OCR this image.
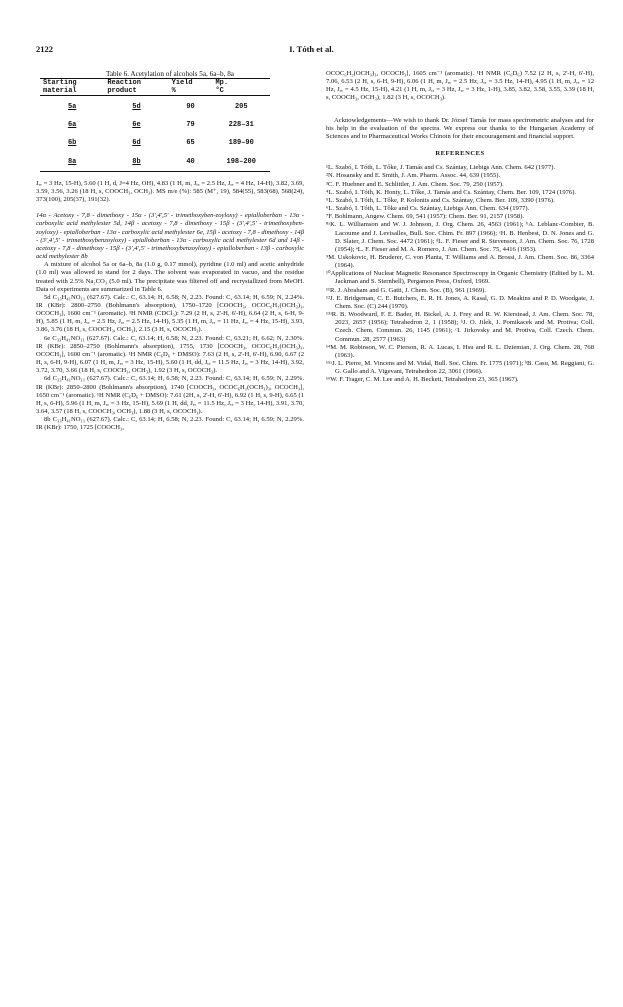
2122	I. Tóth et al.

Table 6. Acetylation of alcohols 5a, 6a–b, 8a

Starting	Reaction	Yield	Mp.
material	product	%	°C
5a	5d	90	205
6a	6e	79	228–31
6b	6d	65	189–90
8a	8b	40	198–200

Jₑₑ = 3 Hz, 15-H), 5.60 (1 H, d, J=4 Hz, OH), 4.83 (1 H, m, Jₑₑ = 2.5 Hz, Jₑₑ = 4 Hz, 14-H), 3.82, 3.69, 3.59, 3.56, 3.26 (18 H, s, COOCH₃, OCH₃). MS m/e (%): 585 (M⁺, 19), 584(55), 583(68), 568(24), 373(100), 205(37), 191(32).

14α - Acetoxy - 7,8 - dimethoxy - 15α - (3',4',5' - trimethoxyben-zoyloxy) - epiallo​berban - 13α - carboxylic acid methylester 5d, 14β - acetoxy - 7,8 - dimethoxy - 15β - (3',4',5' - trimethoxyben-zoyloxy) - epialloberban - 13α - carboxylic acid methylester 6e, 15β - acetoxy - 7,8 - dimethoxy - 14β - (3',4',5' - trimethoxybenzoyloxy) - epialloberban - 13α - carboxylic acid methylester 6d and 14β - acetoxy - 7,8 - dimethoxy - 15β - (3',4',5' - trimethoxybenzoyloxy) - epialloberban - 13β - carboxylic acid methylester 8b

A mixture of alcohol 5a or 6a–b, 8a (1.0 g, 0.17 mmol), pyridine (1.0 ml) and acetic anhydride (1.0 ml) was allowed to stand for 2 days. The solvent was evaporated in vacuo, and the residue treated with 2.5% Na₂CO₃ (5.0 ml). The precipitate was filtered off and recrystallized from MeOH. Data of experiments are summarized in Table 6.

5d C₃₃H₄₁NO₁₁ (627.67). Calc.: C, 63.14; H, 6.58; N, 2.23. Found: C, 63.14; H, 6.59; N, 2.24%. IR (KBr): 2800–2750 (Bohlmann's absorption), 1750–1720 [COOCH₃, OCOC₆H₂(OCH₃)₃, OCOCH₃], 1600 cm⁻¹ (aromatic). ¹H NMR (CDCl₃): 7.29 (2 H, s, 2'-H, 6'-H), 6.64 (2 H, s, 6-H, 9-H), 5.85 (1 H, m, Jₑₑ = 2.5 Hz, Jₑₑ = 2.5 Hz, 14-H), 5.35 (1 H, m, Jₑₑ = 11 Hz, Jₑₑ = 4 Hz, 15-H), 3.93, 3.86, 3.76 (18 H, s, COOCH₃, OCH₃), 2.15 (3 H, s, OCOCH₃).

6e C₃₃H₄₁NO₁₁ (627.67). Calc.: C, 63.14; H, 6.58; N, 2.23. Found: C, 63.21; H, 6.62; N, 2.30%. IR (KBr): 2850–2750 (Bohlmann's absorption), 1755, 1730 [COOCH₃, OCOC₆H₂(OCH₃)₃, OCOCH₃], 1600 cm⁻¹ (aromatic). ¹H NMR (C₆D₆ + DMSO): 7.63 (2 H, s, 2'-H, 6'-H), 6.90, 6.67 (2 H, s, 6-H, 9-H), 6.07 (1 H, m, Jₑₑ = 3 Hz, 15-H), 5.60 (1 H, dd, Jₑₑ = 11.5 Hz, Jₑₑ = 3 Hz, 14-H), 3.92, 3.72, 3.70, 3.66 (18 H, s, COOCH₃, OCH₃), 1.92 (3 H, s, OCOCH₃).

6d C₃₃H₄₁NO₁₁ (627.67). Calc.: C, 63.14; H, 6.58; N, 2.23. Found: C, 63.14; H, 6.59; N, 2.29%. IR (KBr): 2850–2800 (Bohlmann's absorption), 1740 [COOCH₃, OCOC₆H₂(OCH₃)₃, OCOCH₃], 1650 cm⁻¹ (aromatic). ¹H NMR (C₆D₆ + DMSO): 7.61 (2H, s, 2'-H, 6'-H), 6.92 (1 H, s, 9-H), 6.65 (1 H, s, 6-H), 5.96 (1 H, m, Jₑₑ = 3 Hz, 15-H), 5.69 (1 H, dd, Jₑₑ = 11.5 Hz, Jₑₑ = 3 Hz, 14-H), 3.91, 3.70, 3.64, 3.57 (18 H, s, COOCH₃, OCH₃), 1.88 (3 H, s, OCOCH₃).

8b C₃₃H₄₁NO₁₁ (627.67). Calc.: C, 63.14; H, 6.58; N, 2.23. Found: C, 63.14; H, 6.59; N, 2.29%. IR (KBr): 1750, 1725 [COOCH₃,

OCOC₆H₂(OCH₃)₃, OCOCH₃], 1605 cm⁻¹ (aromatic). ¹H NMR (C₆D₆) 7.52 (2 H, s, 2'-H, 6'-H), 7.06, 6.53 (2 H, s, 6-H, 9-H), 6.06 (1 H, m, Jₑₑ = 2.5 Hz, Jₑₑ = 3.5 Hz, 14-H), 4.95 (1 H, m, Jₑₑ = 12 Hz, Jₑₑ = 4.5 Hz, 15-H), 4.21 (1 H, m, Jₑₑ = 3 Hz, Jₑₑ = 3 Hz, 1-H), 3.85, 3.82, 3.58, 3.55, 3.39 (18 H, s, COOCH₃, OCH₃), 1.82 (3 H, s, OCOCH₃).

Acknowledgements—We wish to thank Dr. József Tamás for mass spectrometric analyses and for his help in the evaluation of the spectra. We express our thanks to the Hungarian Academy of Sciences and to Pharmaceutical Works Chinoin for their encouragement and financial support.

REFERENCES

¹L. Szabó, I. Tóth, L. Tőke, J. Tamás and Cs. Szántay, Liebigs Ann. Chem. 642 (1977).

²N. Hosansky and E. Smith, J. Am. Pharm. Assoc. 44, 639 (1955).

³C. F. Huebner and E. Schlittler, J. Am. Chem. Soc. 79, 250 (1957).

⁴L. Szabó, I. Tóth, K. Honty, L. Tőke, J. Tamás and Cs. Szántay, Chem. Ber. 109, 1724 (1976).

⁵L. Szabó, I. Tóth, L. Tőke, P. Kolonits and Cs. Szántay, Chem. Ber. 109, 3390 (1976).

⁶L. Szabó, I. Tóth, L. Tőke and Cs. Szántay, Liebigs Ann. Chem. 634 (1977).

⁷F. Bohlmann, Angew. Chem. 69, 541 (1957): Chem. Ber. 91, 2157 (1958).

⁸ᵃK. L. Williamson and W. J. Johnson, J. Org. Chem. 26, 4563 (1961); ᵇA. Leblanc-Combier, B. Lacoume and J. Levisalles, Bull. Soc. Chim. Fr. 897 (1966); ᶜH. B. Henbest, D. N. Jones and G. D. Slater, J. Chem. Soc. 4472 (1961); ᵈL. F. Fieser and R. Stevenson, J. Am. Chem. Soc. 76, 1728 (1954); ᵉL. F. Fieser and M. A. Romero, J. Am. Chem. Soc. 75, 4416 (1953).

⁹M. Uskokovic, H. Bruderer, C. von Planta, T. Williams and A. Brossi, J. Am. Chem. Soc. 86, 3364 (1964).

¹⁰Applications of Nuclear Magnetic Resonance Spectroscopy in Organic Chemistry (Edited by L. M. Jackman and S. Sternhell), Pergamon Press, Oxford, 1969.

¹¹R. J. Abraham and G. Gatti, J. Chem. Soc. (B), 961 (1969).

¹²J. E. Bridgeman, C. E. Butchers, E. R. H. Jones, A. Kasal, G. D. Meakins and P. D. Woodgate, J. Chem. Soc. (C) 244 (1970).

¹³ᵃR. B. Woodward, F. E. Bader, H. Bickel, A. J. Frey and R. W. Kierstead, J. Am. Chem. Soc. 78, 2023, 2657 (1956); Tetrahedron 2, 1 (1958); ᵇJ. O. Jilek, J. Pomikacek and M. Protiva; Coll. Czech. Chem. Commun. 26, 1145 (1961); ᶜI. Jirkovsky and M. Protiva, Coll. Czech. Chem. Commun. 28, 2577 (1963)

¹⁴M. M. Robinson, W. C. Pierson, R. A. Lucas, I. Hsu and R. L. Dziemian, J. Org. Chem. 28, 768 (1963).

¹⁵ᵃJ. L. Pierre, M. Vincens and M. Vidal, Bull. Soc. Chim. Fr. 1775 (1971); ᵇB. Casu, M. Reggiani, G. G. Gallo and A. Vigevani, Tetrahedron 22, 3061 (1966).

¹⁶W. F. Trager, C. M. Lee and A. H. Beckett, Tetrahedron 23, 365 (1967).
